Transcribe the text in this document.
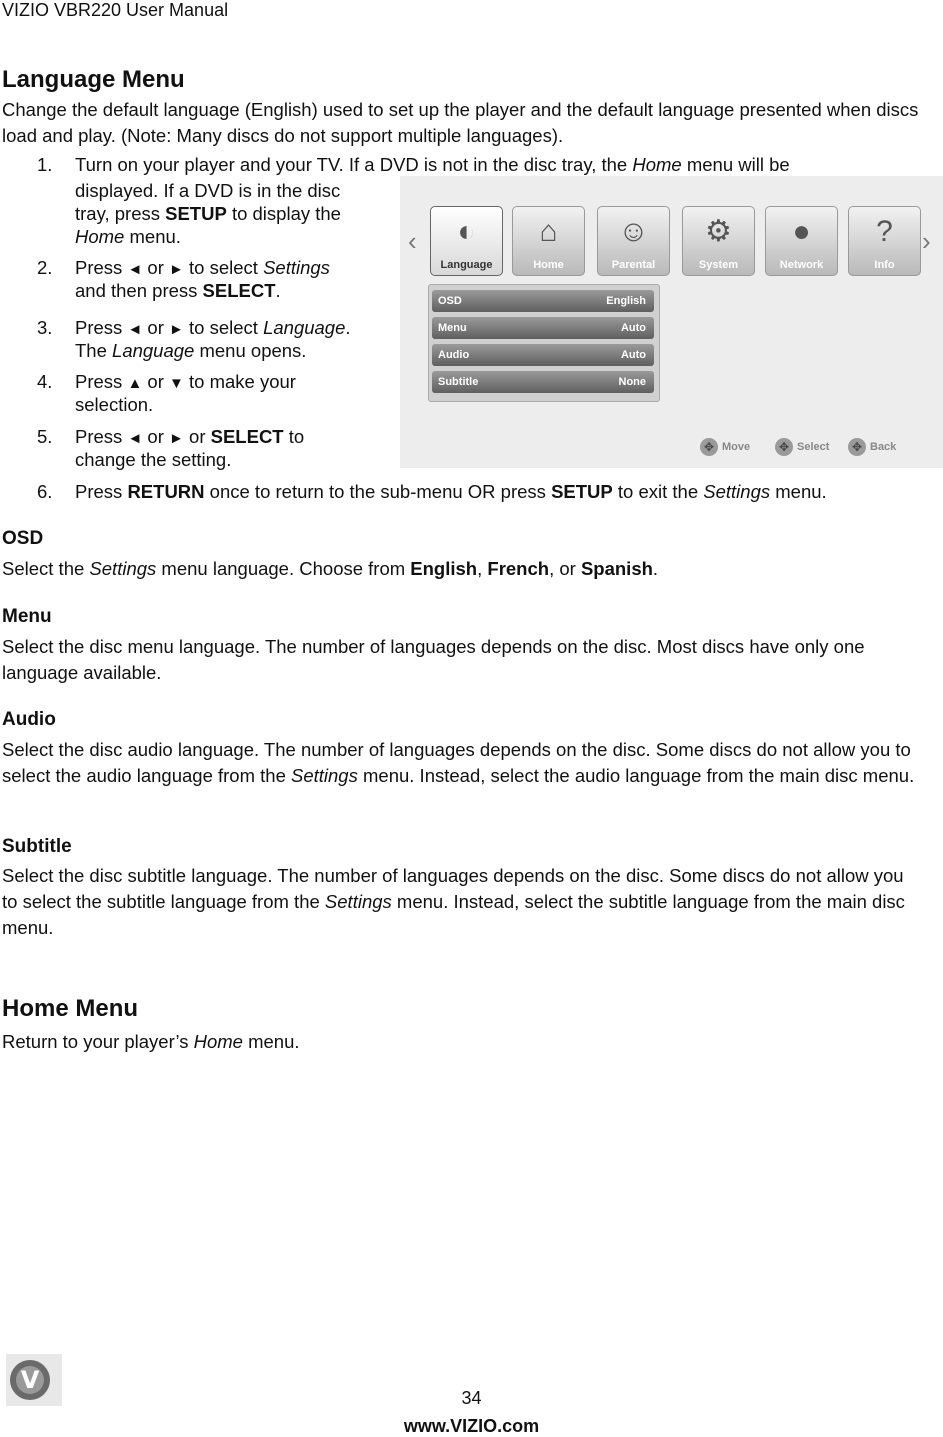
VIZIO VBR220 User Manual
Language Menu
Change the default language (English) used to set up the player and the default language presented when discs load and play. (Note: Many discs do not support multiple languages).
1. Turn on your player and your TV. If a DVD is not in the disc tray, the Home menu will be
displayed. If a DVD is in the disc
tray, press SETUP to display the
Home menu.
2. Press ◄ or ► to select Settings
and then press SELECT.
3. Press ◄ or ► to select Language.
The Language menu opens.
4. Press ▲ or ▼ to make your
selection.
5. Press ◄ or ► or SELECT to
change the setting.
6. Press RETURN once to return to the sub-menu OR press SETUP to exit the Settings menu.
‹	›
◐
Language
⌂
Home
☺
Parental
⚙
System
●
Network
?
Info
OSD	English
Menu	Auto
Audio	Auto
Subtitle	None
✥ Move	✥ Select	✥ Back
OSD
Select the Settings menu language. Choose from English, French, or Spanish.
Menu
Select the disc menu language. The number of languages depends on the disc. Most discs have only one language available.
Audio
Select the disc audio language. The number of languages depends on the disc. Some discs do not allow you to select the audio language from the Settings menu. Instead, select the audio language from the main disc menu.
Subtitle
Select the disc subtitle language. The number of languages depends on the disc. Some discs do not allow you to select the subtitle language from the Settings menu. Instead, select the subtitle language from the main disc menu.
Home Menu
Return to your player’s Home menu.
V
34
www.VIZIO.com
